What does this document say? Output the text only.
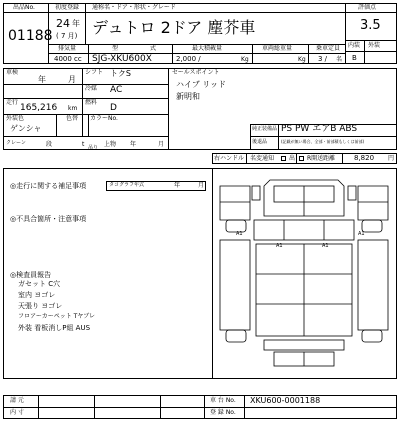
出品No.	初度登録 通称名・ドア・形状・グレード	評価点
01188
24 年
( 7 月) デュトロ 2ドア 塵芥車	3.5
内装 外装
B
排気量	型	式	最大積載量	車両総重量	乗車定員
4000 cc SJG-XKU600X	2,000 /	Kg	Kg 3 / 名
車検
年	月
シフト トクS
冷媒 AC
走行
165,216 km
燃料
D
外装色
ゲンシャ
色替 カラーNo.
クレーン	段	t 吊り 上物 年	月
セールスポイント
ハイブ リッド
新明和
純正装備品 PS PW エアB ABS
後退品	(記載が無い場合、全部・前部積もしくは前部)
右ハンドル 名変通知 出 R開送距離	8,820 円
◎走行に関する補足事項	タコグラフ年式	年	月
◎不具合箇所・注意事項
◎検査員報告
ガセット C穴
室内 ヨゴレ
天張り ヨゴレ
フロアーカーペット Tヤブレ
外装 看板消しP組 AUS
A1	A1
A1	A1
請 元
内 寸
車 台 No. XKU600-0001188
登 録 No.
